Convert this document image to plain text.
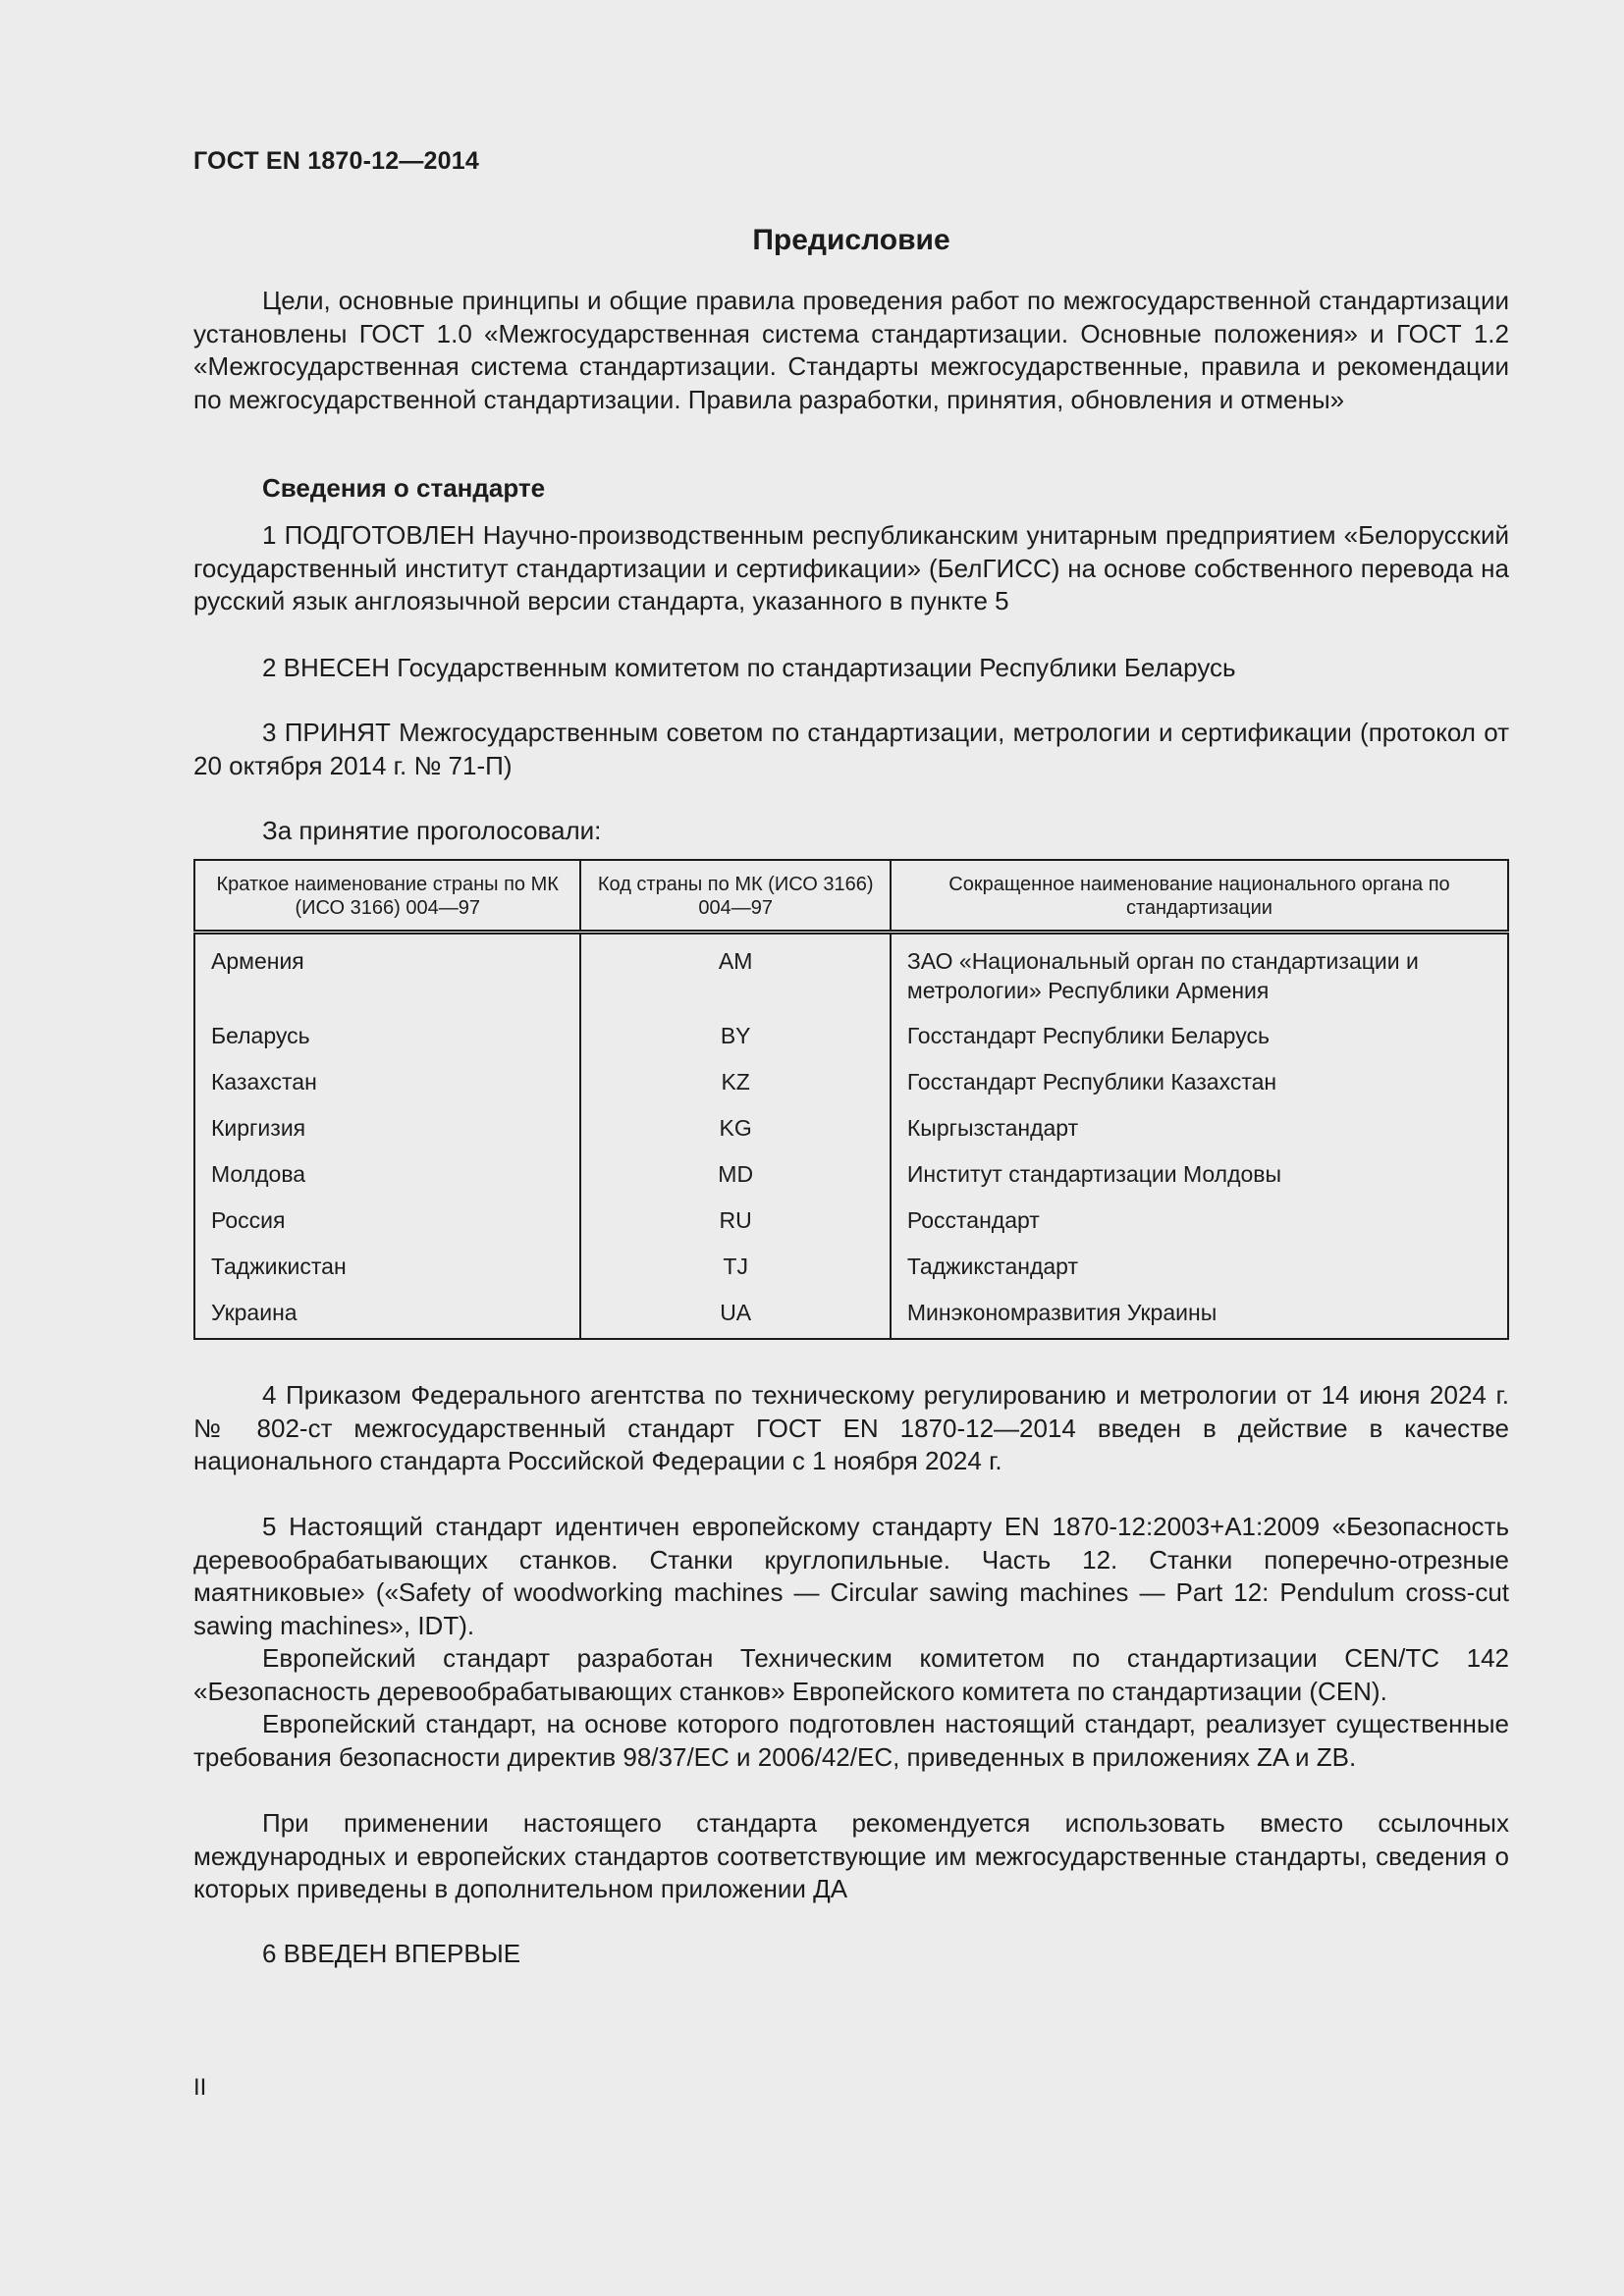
ГОСТ EN 1870-12—2014
Предисловие
Цели, основные принципы и общие правила проведения работ по межгосударственной стандартизации установлены ГОСТ 1.0 «Межгосударственная система стандартизации. Основные положения» и ГОСТ 1.2 «Межгосударственная система стандартизации. Стандарты межгосударственные, правила и рекомендации по межгосударственной стандартизации. Правила разработки, принятия, обновления и отмены»
Сведения о стандарте
1 ПОДГОТОВЛЕН Научно-производственным республиканским унитарным предприятием «Белорусский государственный институт стандартизации и сертификации» (БелГИСС) на основе собственного перевода на русский язык англоязычной версии стандарта, указанного в пункте 5
2 ВНЕСЕН Государственным комитетом по стандартизации Республики Беларусь
3 ПРИНЯТ Межгосударственным советом по стандартизации, метрологии и сертификации (протокол от 20 октября 2014 г. № 71-П)
За принятие проголосовали:
Краткое наименование страны по МК (ИСО 3166) 004—97	Код страны по МК (ИСО 3166) 004—97	Сокращенное наименование национального органа по стандартизации
Армения	AM	ЗАО «Национальный орган по стандартизации и метрологии» Республики Армения
Беларусь	BY	Госстандарт Республики Беларусь
Казахстан	KZ	Госстандарт Республики Казахстан
Киргизия	KG	Кыргызстандарт
Молдова	MD	Институт стандартизации Молдовы
Россия	RU	Росстандарт
Таджикистан	TJ	Таджикстандарт
Украина	UA	Минэкономразвития Украины
4 Приказом Федерального агентства по техническому регулированию и метрологии от 14 июня 2024 г. № 802-ст межгосударственный стандарт ГОСТ EN 1870-12—2014 введен в действие в качестве национального стандарта Российской Федерации с 1 ноября 2024 г.
5 Настоящий стандарт идентичен европейскому стандарту EN 1870-12:2003+A1:2009 «Безопасность деревообрабатывающих станков. Станки круглопильные. Часть 12. Станки поперечно-отрезные маятниковые» («Safety of woodworking machines — Circular sawing machines — Part 12: Pendulum cross-cut sawing machines», IDT).
Европейский стандарт разработан Техническим комитетом по стандартизации CEN/TC 142 «Безопасность деревообрабатывающих станков» Европейского комитета по стандартизации (CEN).
Европейский стандарт, на основе которого подготовлен настоящий стандарт, реализует существенные требования безопасности директив 98/37/EC и 2006/42/EC, приведенных в приложениях ZA и ZB.
При применении настоящего стандарта рекомендуется использовать вместо ссылочных международных и европейских стандартов соответствующие им межгосударственные стандарты, сведения о которых приведены в дополнительном приложении ДА
6 ВВЕДЕН ВПЕРВЫЕ
II
